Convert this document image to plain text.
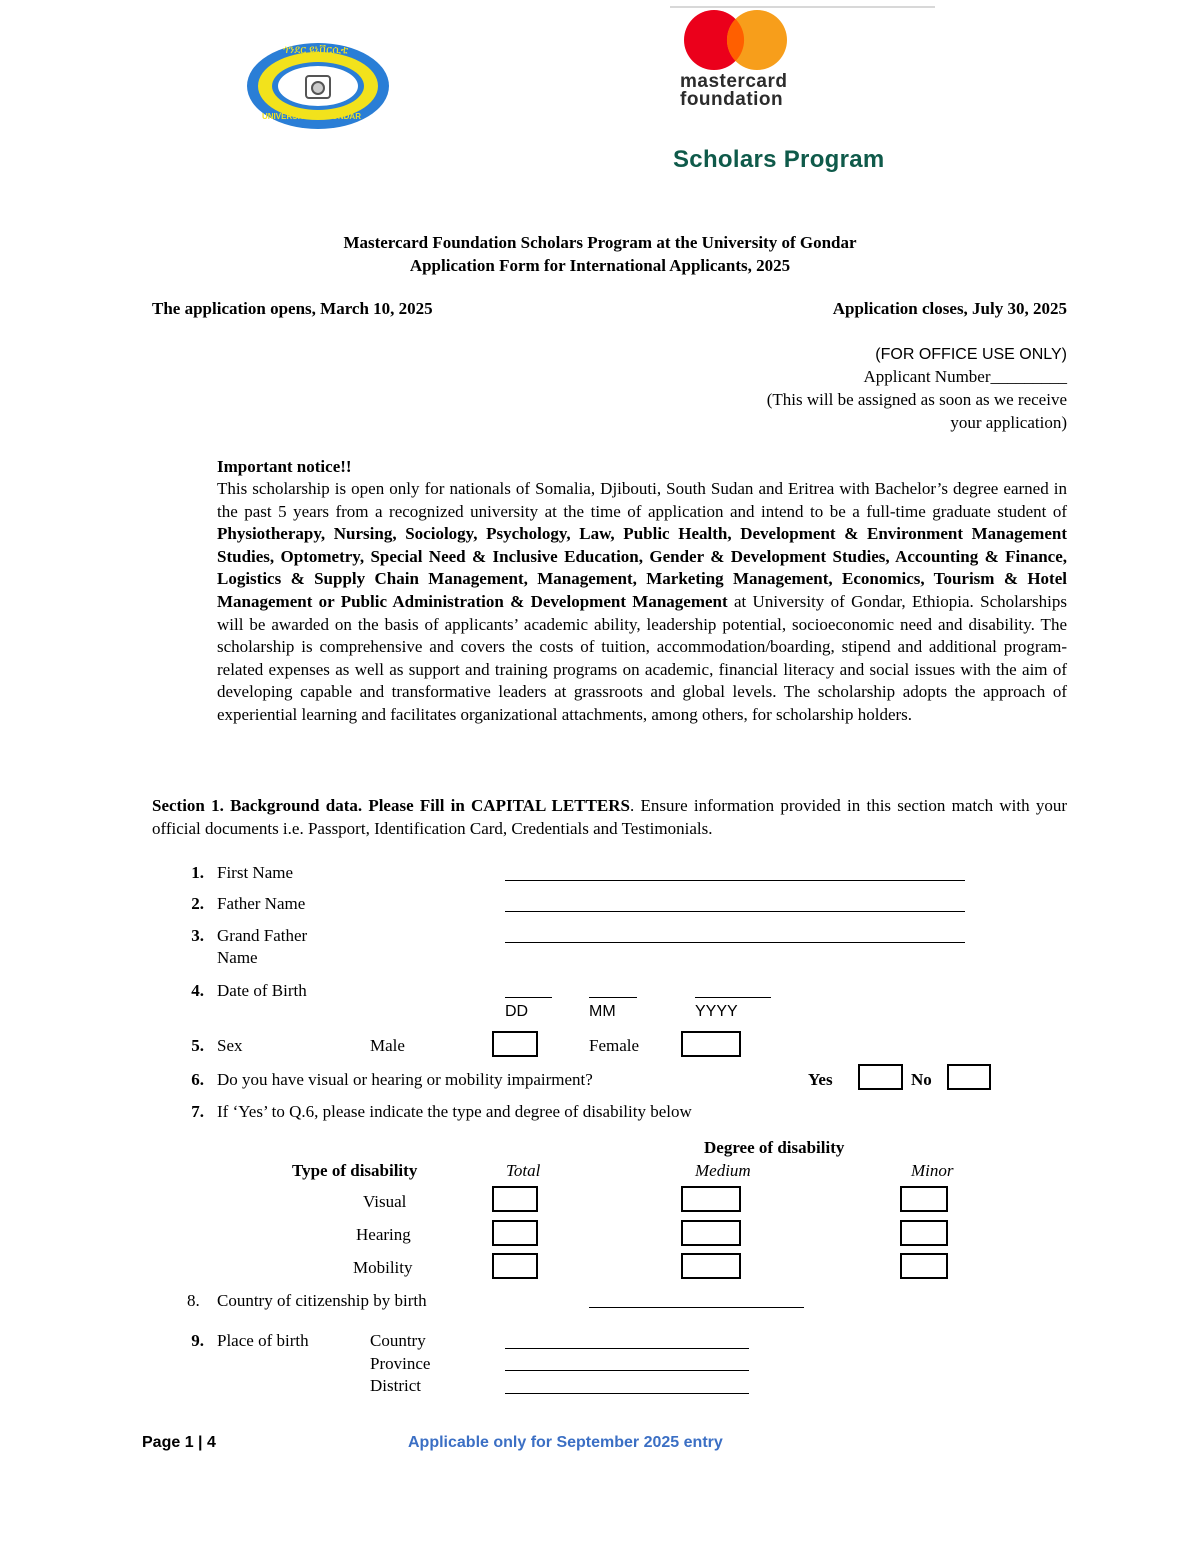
ጎንደር ዩኒቨርሲቲ
UNIVERSITY OF GONDAR
mastercard
foundation
Scholars Program
Mastercard Foundation Scholars Program at the University of Gondar
Application Form for International Applicants, 2025
The application opens, March 10, 2025	Application closes, July 30, 2025
(FOR OFFICE USE ONLY)
Applicant Number_________
(This will be assigned as soon as we receive
your application)
Important notice!!
This scholarship is open only for nationals of Somalia, Djibouti, South Sudan and Eritrea with Bachelor’s degree earned in the past 5 years from a recognized university at the time of application and intend to be a full-time graduate student of Physiotherapy, Nursing, Sociology, Psychology, Law, Public Health, Development & Environment Management Studies, Optometry, Special Need & Inclusive Education, Gender & Development Studies, Accounting & Finance, Logistics & Supply Chain Management, Management, Marketing Management, Economics, Tourism & Hotel Management or Public Administration & Development Management at University of Gondar, Ethiopia. Scholarships will be awarded on the basis of applicants’ academic ability, leadership potential, socioeconomic need and disability. The scholarship is comprehensive and covers the costs of tuition, accommodation/boarding, stipend and additional program-related expenses as well as support and training programs on academic, financial literacy and social issues with the aim of developing capable and transformative leaders at grassroots and global levels. The scholarship adopts the approach of experiential learning and facilitates organizational attachments, among others, for scholarship holders.
Section 1. Background data. Please Fill in CAPITAL LETTERS. Ensure information provided in this section match with your official documents i.e. Passport, Identification Card, Credentials and Testimonials.
1. First Name
2. Father Name
3. Grand Father
Name
4. Date of Birth
DD	MM	YYYY
5. Sex	Male	Female
6. Do you have visual or hearing or mobility impairment?	Yes	No
7. If ‘Yes’ to Q.6, please indicate the type and degree of disability below
Degree of disability
Type of disability	Total	Medium	Minor
Visual
Hearing
Mobility
8. Country of citizenship by birth
9. Place of birth	Country
Province
District
Page 1 | 4	Applicable only for September 2025 entry
